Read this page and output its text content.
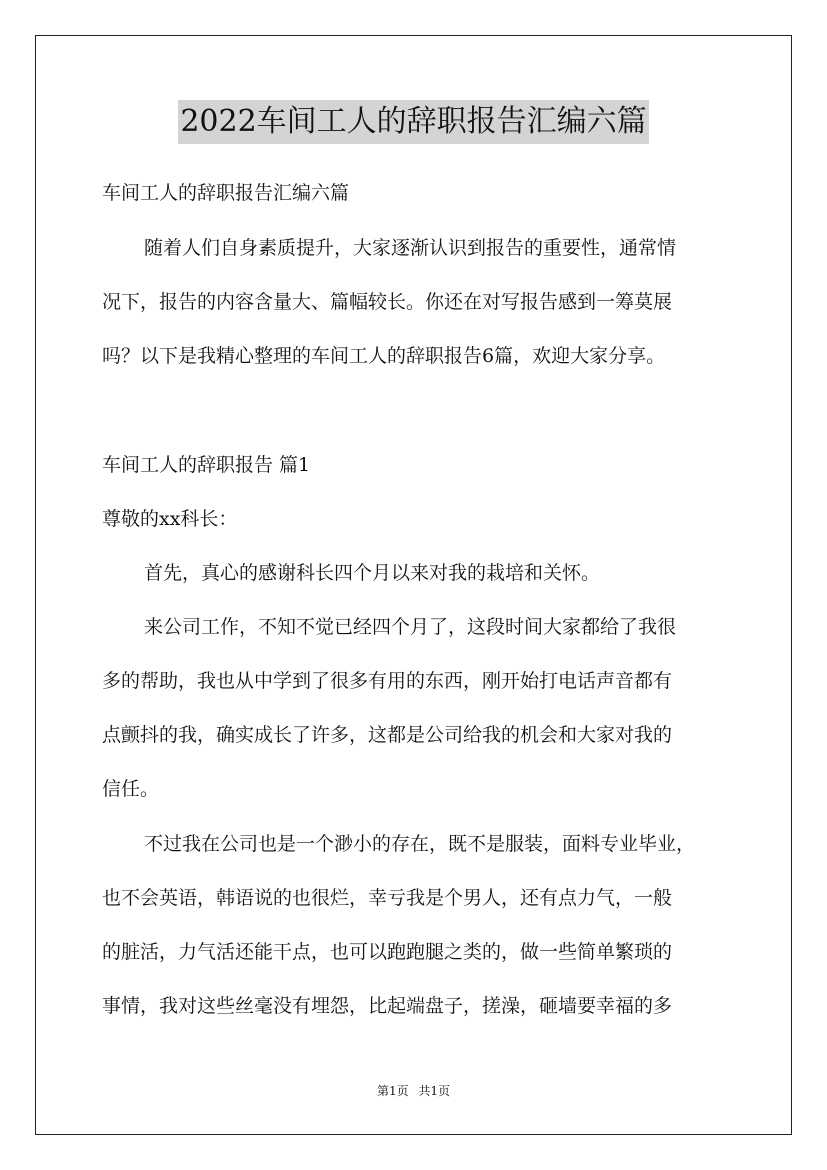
2022车间工人的辞职报告汇编六篇
车间工人的辞职报告汇编六篇
随着人们自身素质提升，大家逐渐认识到报告的重要性，通常情
况下，报告的内容含量大、篇幅较长。你还在对写报告感到一筹莫展
吗？以下是我精心整理的车间工人的辞职报告6篇，欢迎大家分享。
车间工人的辞职报告 篇1
尊敬的xx科长：
首先，真心的感谢科长四个月以来对我的栽培和关怀。
来公司工作，不知不觉已经四个月了，这段时间大家都给了我很
多的帮助，我也从中学到了很多有用的东西，刚开始打电话声音都有
点颤抖的我，确实成长了许多，这都是公司给我的机会和大家对我的
信任。
不过我在公司也是一个渺小的存在，既不是服装，面料专业毕业，
也不会英语，韩语说的也很烂，幸亏我是个男人，还有点力气，一般
的脏活，力气活还能干点，也可以跑跑腿之类的，做一些简单繁琐的
事情，我对这些丝毫没有埋怨，比起端盘子，搓澡，砸墙要幸福的多
第1页 共1页
